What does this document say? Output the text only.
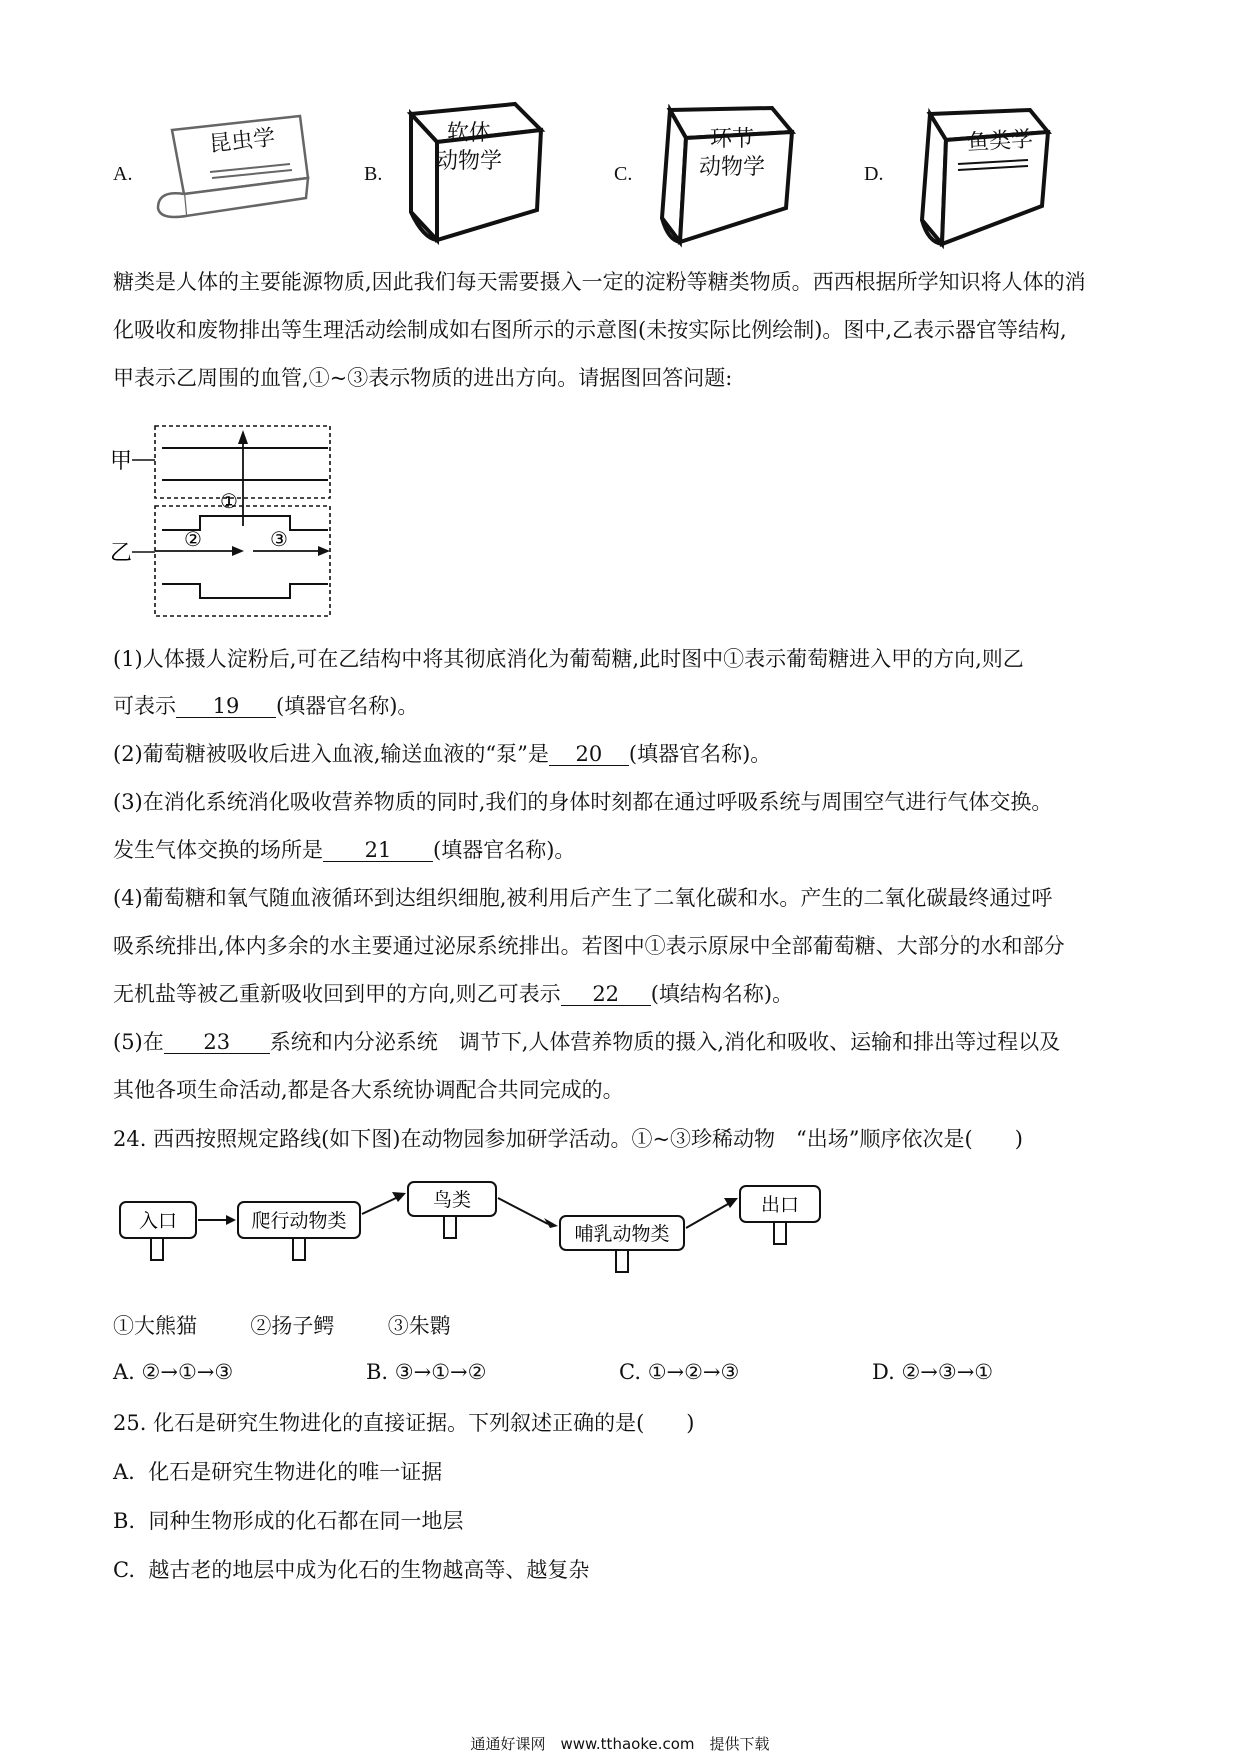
A.
昆虫学
B.
软体
动物学	C.
环节
动物学	D.
鱼类学
糖类是人体的主要能源物质,因此我们每天需要摄入一定的淀粉等糖类物质。西西根据所学知识将人体的消
化吸收和废物排出等生理活动绘制成如右图所示的示意图(未按实际比例绘制)。图中,乙表示器官等结构,
甲表示乙周围的血管,①~③表示物质的进出方向。请据图回答问题:
甲
乙
①
②	③
(1)人体摄人淀粉后,可在乙结构中将其彻底消化为葡萄糖,此时图中①表示葡萄糖进入甲的方向,则乙
可表示 19 (填器官名称)。
(2)葡萄糖被吸收后进入血液,输送血液的“泵”是 20 (填器官名称)。
(3)在消化系统消化吸收营养物质的同时,我们的身体时刻都在通过呼吸系统与周围空气进行气体交换。
发生气体交换的场所是 21 (填器官名称)。
(4)葡萄糖和氧气随血液循环到达组织细胞,被利用后产生了二氧化碳和水。产生的二氧化碳最终通过呼
吸系统排出,体内多余的水主要通过泌尿系统排出。若图中①表示原尿中全部葡萄糖、大部分的水和部分
无机盐等被乙重新吸收回到甲的方向,则乙可表示 22 (填结构名称)。
(5)在 23 系统和内分泌系统　调节下,人体营养物质的摄入,消化和吸收、运输和排出等过程以及
其他各项生命活动,都是各大系统协调配合共同完成的。
24. 西西按照规定路线(如下图)在动物园参加研学活动。①~③珍稀动物　“出场”顺序依次是(　　)
入口	爬行动物类
鸟类
哺乳动物类
出口
①大熊猫	②扬子鳄	③朱鹮
A. ②→①→③	B. ③→①→②	C. ①→②→③	D. ②→③→①
25. 化石是研究生物进化的直接证据。下列叙述正确的是(　　)
A. 化石是研究生物进化的唯一证据
B. 同种生物形成的化石都在同一地层
C. 越古老的地层中成为化石的生物越高等、越复杂
通通好课网　www.tthaoke.com　提供下载
